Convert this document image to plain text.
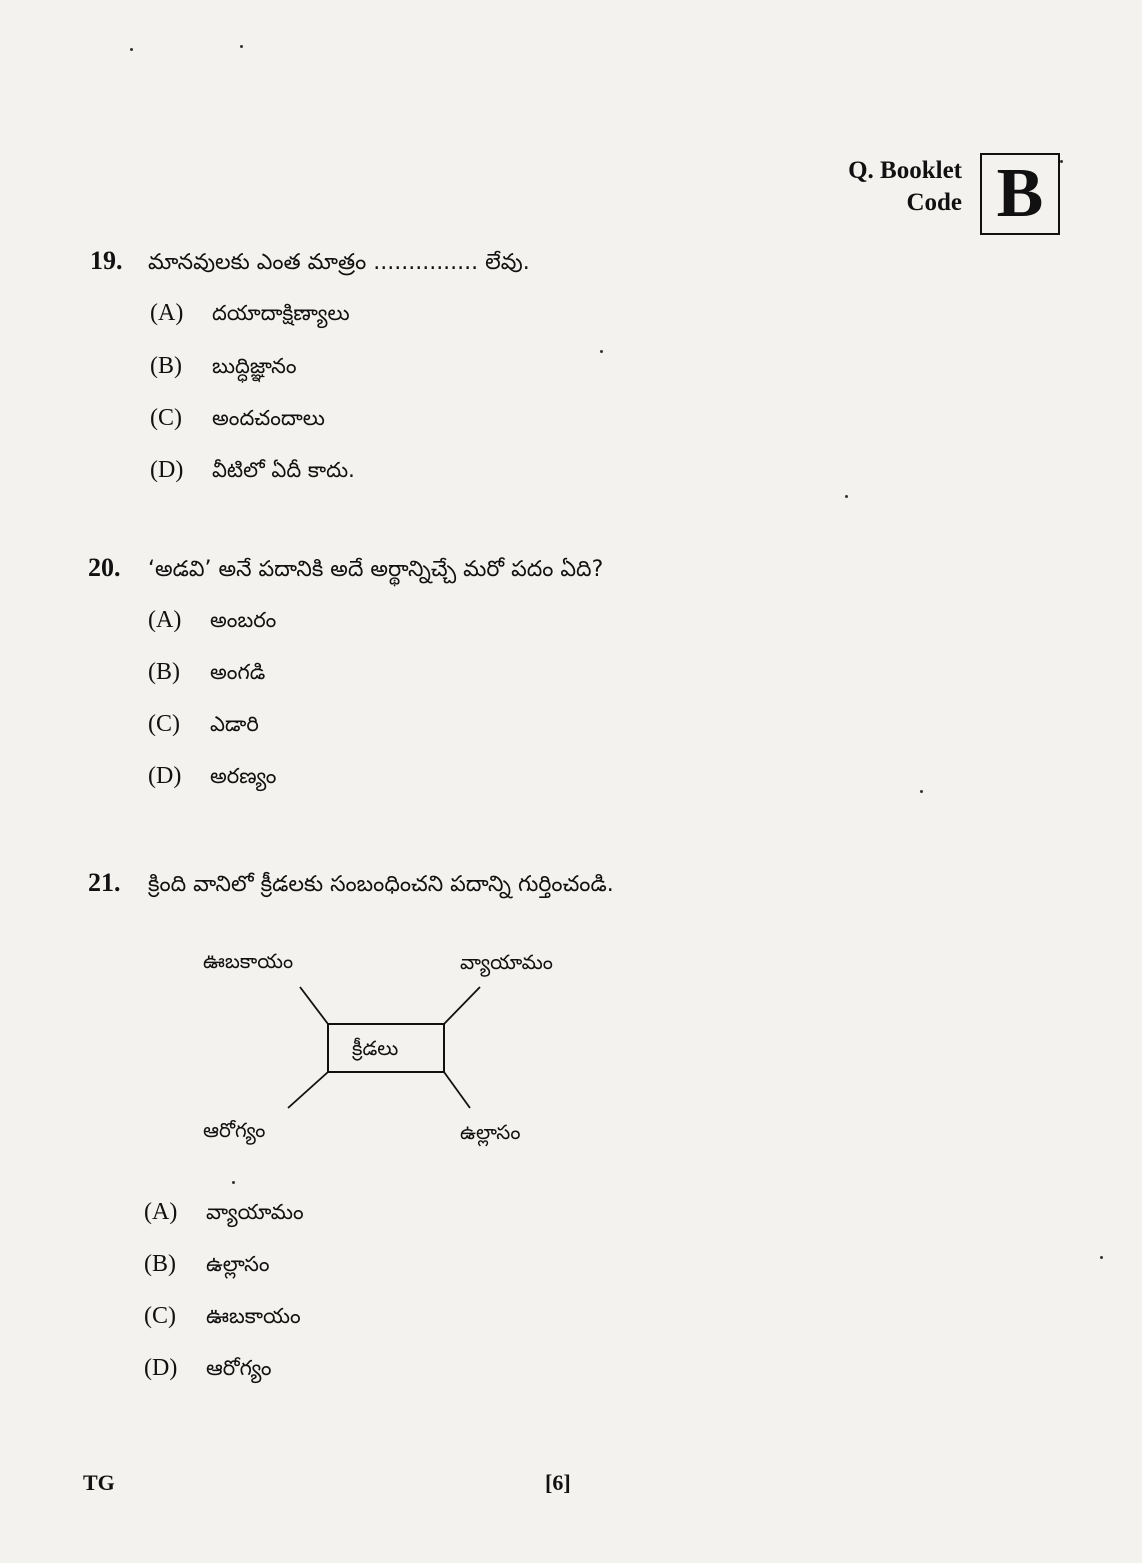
Q. Booklet
Code B
19. మానవులకు ఎంత మాత్రం ............... లేవు.
(A) దయాదాక్షిణ్యాలు
(B) బుద్ధిజ్ఞానం
(C) అందచందాలు
(D) వీటిలో ఏదీ కాదు.
20. ‘అడవి’ అనే పదానికి అదే అర్థాన్నిచ్చే మరో పదం ఏది?
(A) అంబరం
(B) అంగడి
(C) ఎడారి
(D) అరణ్యం
21. క్రింది వానిలో క్రీడలకు సంబంధించని పదాన్ని గుర్తించండి.
క్రీడలు
ఊబకాయం	వ్యాయామం
ఆరోగ్యం	ఉల్లాసం
(A) వ్యాయామం
(B) ఉల్లాసం
(C) ఊబకాయం
(D) ఆరోగ్యం
TG	[6]
